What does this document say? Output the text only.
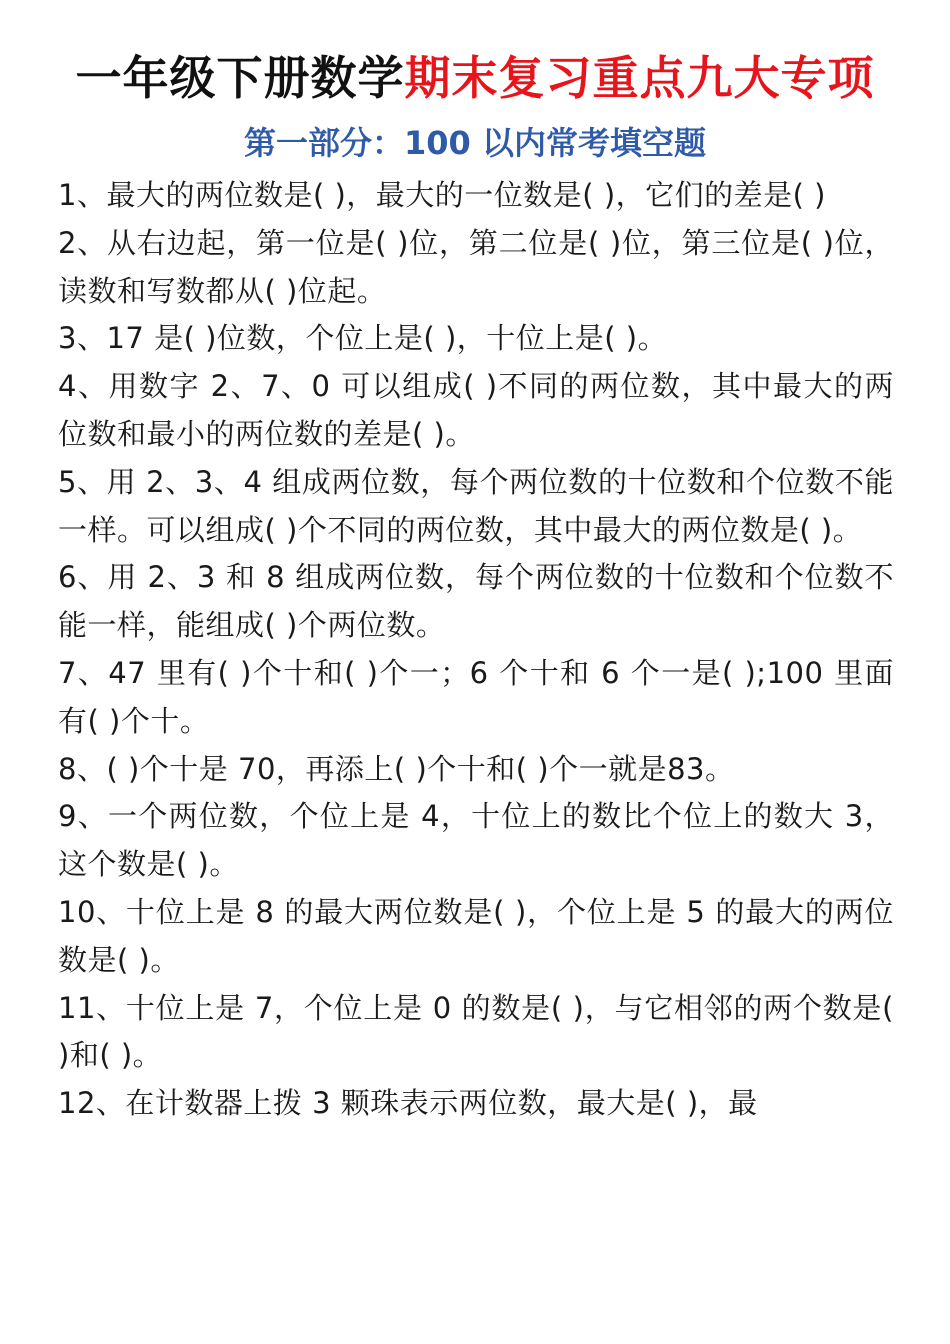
一年级下册数学期末复习重点九大专项
第一部分：100 以内常考填空题
1、最大的两位数是( )，最大的一位数是( )，它们的差是( )
2、从右边起，第一位是( )位，第二位是( )位，第三位是( )位，读数和写数都从( )位起。
3、17 是( )位数，个位上是( )，十位上是( )。
4、用数字 2、7、0 可以组成( )不同的两位数，其中最大的两位数和最小的两位数的差是( )。
5、用 2、3、4 组成两位数，每个两位数的十位数和个位数不能一样。可以组成( )个不同的两位数，其中最大的两位数是( )。
6、用 2、3 和 8 组成两位数，每个两位数的十位数和个位数不能一样，能组成( )个两位数。
7、47 里有( )个十和( )个一；6 个十和 6 个一是( );100 里面有( )个十。
8、( )个十是 70，再添上( )个十和( )个一就是83。
9、一个两位数，个位上是 4，十位上的数比个位上的数大 3，这个数是( )。
10、十位上是 8 的最大两位数是( )，个位上是 5 的最大的两位数是( )。
11、十位上是 7，个位上是 0 的数是( )，与它相邻的两个数是( )和( )。
12、在计数器上拨 3 颗珠表示两位数，最大是( )，最
